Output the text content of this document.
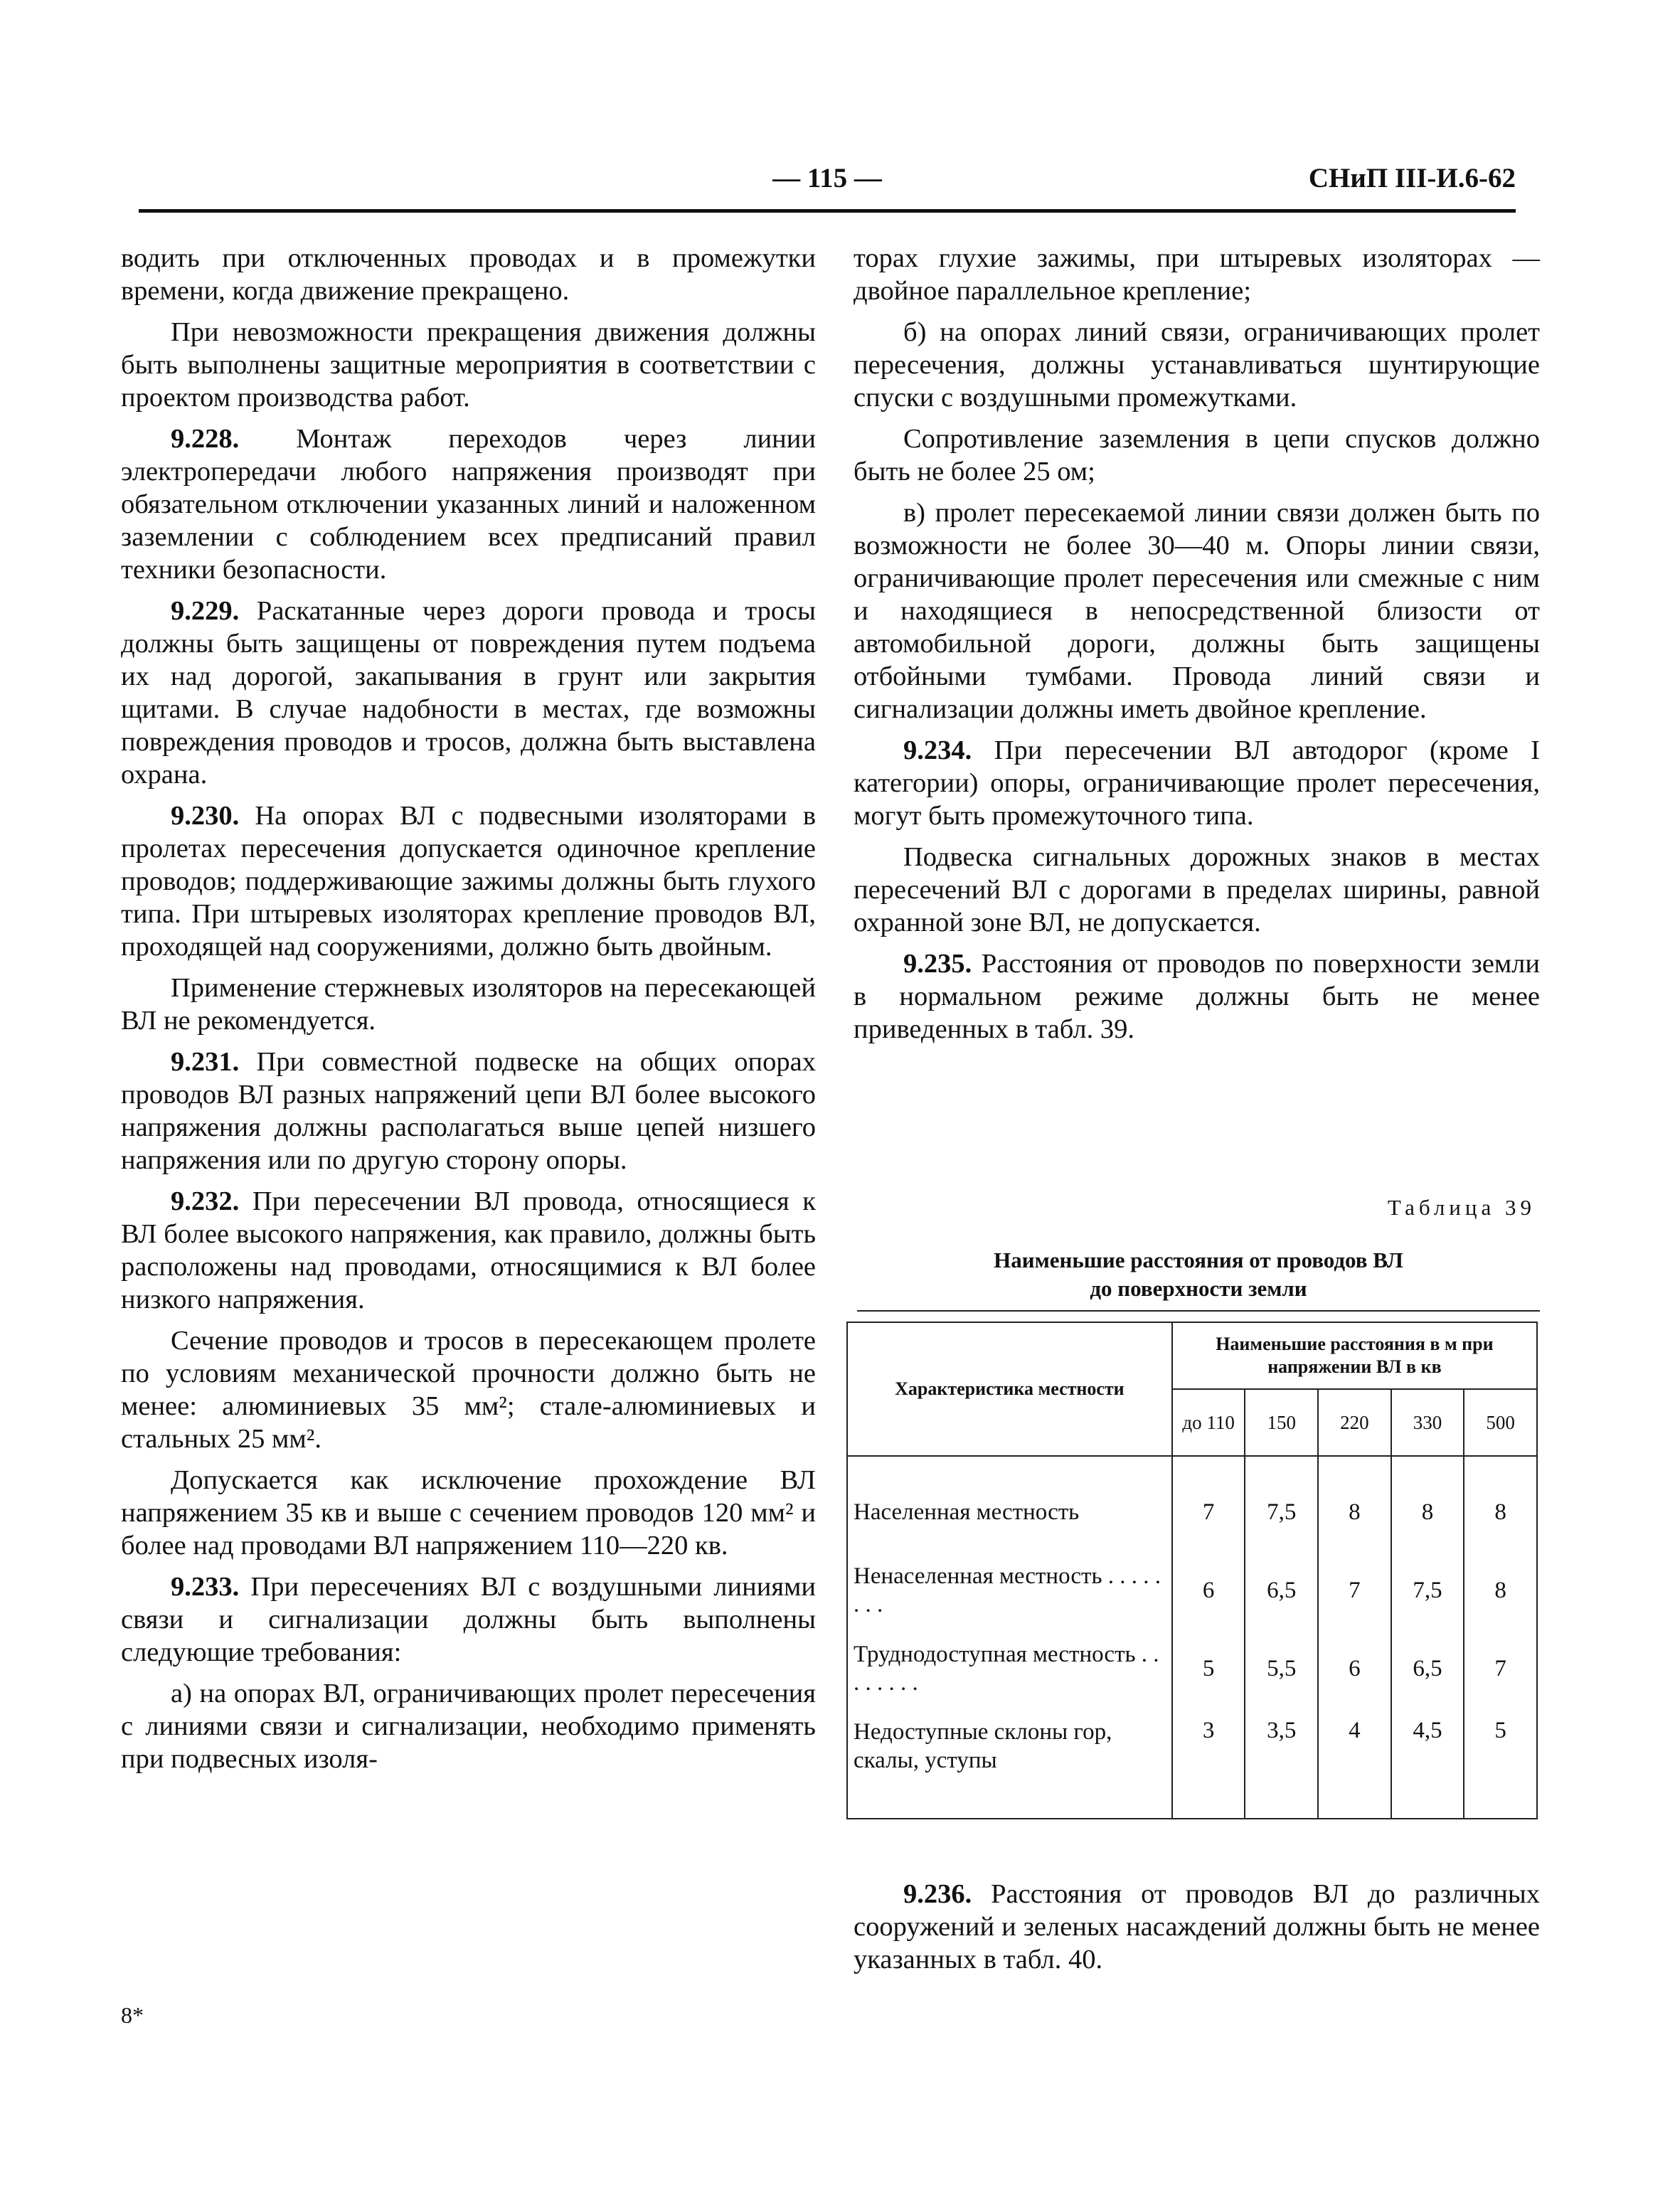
— 115 —	СНиП III-И.6-62

водить при отключенных проводах и в промежутки времени, когда движение прекращено.

При невозможности прекращения движения должны быть выполнены защитные мероприятия в соответствии с проектом производства работ.

9.228. Монтаж переходов через линии электропередачи любого напряжения производят при обязательном отключении указанных линий и наложенном заземлении с соблюдением всех предписаний правил техники безопасности.

9.229. Раскатанные через дороги провода и тросы должны быть защищены от повреждения путем подъема их над дорогой, закапывания в грунт или закрытия щитами. В случае надобности в местах, где возможны повреждения проводов и тросов, должна быть выставлена охрана.

9.230. На опорах ВЛ с подвесными изоляторами в пролетах пересечения допускается одиночное крепление проводов; поддерживающие зажимы должны быть глухого типа. При штыревых изоляторах крепление проводов ВЛ, проходящей над сооружениями, должно быть двойным.

Применение стержневых изоляторов на пересекающей ВЛ не рекомендуется.

9.231. При совместной подвеске на общих опорах проводов ВЛ разных напряжений цепи ВЛ более высокого напряжения должны располагаться выше цепей низшего напряжения или по другую сторону опоры.

9.232. При пересечении ВЛ провода, относящиеся к ВЛ более высокого напряжения, как правило, должны быть расположены над проводами, относящимися к ВЛ более низкого напряжения.

Сечение проводов и тросов в пересекающем пролете по условиям механической прочности должно быть не менее: алюминиевых 35 мм²; стале-алюминиевых и стальных 25 мм².

Допускается как исключение прохождение ВЛ напряжением 35 кв и выше с сечением проводов 120 мм² и более над проводами ВЛ напряжением 110—220 кв.

9.233. При пересечениях ВЛ с воздушными линиями связи и сигнализации должны быть выполнены следующие требования:

а) на опорах ВЛ, ограничивающих пролет пересечения с линиями связи и сигнализации, необходимо применять при подвесных изоля-

8*

торах глухие зажимы, при штыревых изоляторах — двойное параллельное крепление;

б) на опорах линий связи, ограничивающих пролет пересечения, должны устанавливаться шунтирующие спуски с воздушными промежутками.

Сопротивление заземления в цепи спусков должно быть не более 25 ом;

в) пролет пересекаемой линии связи должен быть по возможности не более 30—40 м. Опоры линии связи, ограничивающие пролет пересечения или смежные с ним и находящиеся в непосредственной близости от автомобильной дороги, должны быть защищены отбойными тумбами. Провода линий связи и сигнализации должны иметь двойное крепление.

9.234. При пересечении ВЛ автодорог (кроме I категории) опоры, ограничивающие пролет пересечения, могут быть промежуточного типа.

Подвеска сигнальных дорожных знаков в местах пересечений ВЛ с дорогами в пределах ширины, равной охранной зоне ВЛ, не допускается.

9.235. Расстояния от проводов по поверхности земли в нормальном режиме должны быть не менее приведенных в табл. 39.

Таблица 39
Наименьшие расстояния от проводов ВЛ
до поверхности земли
Характеристика местности	Наименьшие расстояния в м при напряжении ВЛ в кв				
	до 110	150	220	330	500
Населенная местность	7	7,5	8	8	8
Ненаселенная местность . . . . . . . .	6	6,5	7	7,5	8
Труднодоступная местность . . . . . . . .	5	5,5	6	6,5	7
Недоступные склоны гор, скалы, уступы	3	3,5	4	4,5	5

9.236. Расстояния от проводов ВЛ до различных сооружений и зеленых насаждений должны быть не менее указанных в табл. 40.
